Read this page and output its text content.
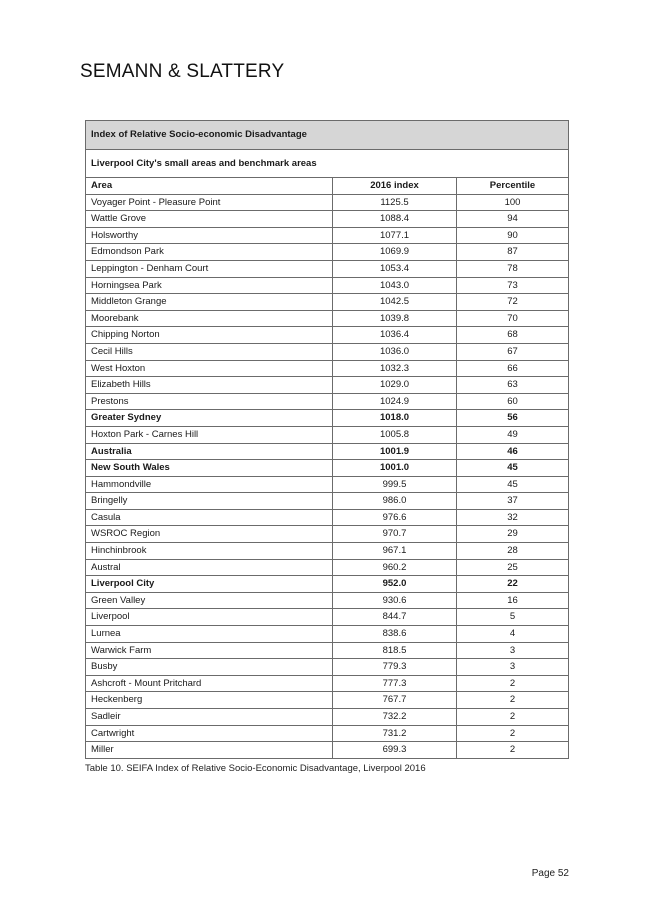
SEMANN & SLATTERY
Index of Relative Socio-economic Disadvantage		
Liverpool City's small areas and benchmark areas		
Area	2016 index	Percentile
Voyager Point - Pleasure Point	1125.5	100
Wattle Grove	1088.4	94
Holsworthy	1077.1	90
Edmondson Park	1069.9	87
Leppington - Denham Court	1053.4	78
Horningsea Park	1043.0	73
Middleton Grange	1042.5	72
Moorebank	1039.8	70
Chipping Norton	1036.4	68
Cecil Hills	1036.0	67
West Hoxton	1032.3	66
Elizabeth Hills	1029.0	63
Prestons	1024.9	60
Greater Sydney	1018.0	56
Hoxton Park - Carnes Hill	1005.8	49
Australia	1001.9	46
New South Wales	1001.0	45
Hammondville	999.5	45
Bringelly	986.0	37
Casula	976.6	32
WSROC Region	970.7	29
Hinchinbrook	967.1	28
Austral	960.2	25
Liverpool City	952.0	22
Green Valley	930.6	16
Liverpool	844.7	5
Lurnea	838.6	4
Warwick Farm	818.5	3
Busby	779.3	3
Ashcroft - Mount Pritchard	777.3	2
Heckenberg	767.7	2
Sadleir	732.2	2
Cartwright	731.2	2
Miller	699.3	2
Table 10. SEIFA Index of Relative Socio-Economic Disadvantage, Liverpool 2016
Page 52
